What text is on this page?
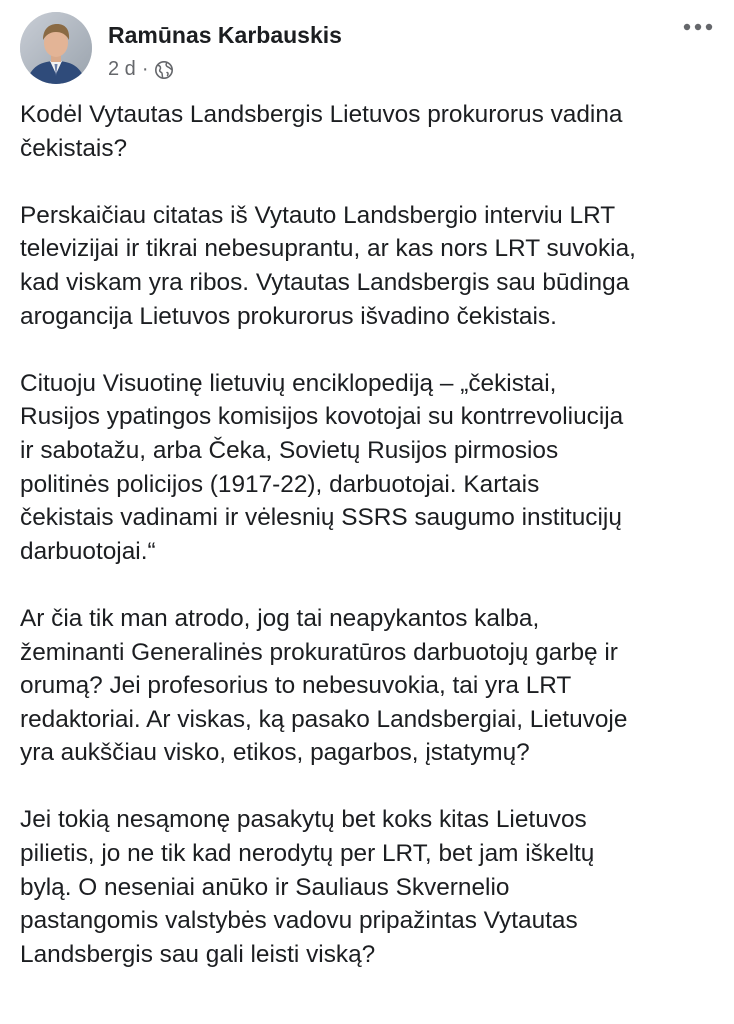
Ramūnas Karbauskis
2 d ·

Kodėl Vytautas Landsbergis Lietuvos prokurorus vadina
čekistais?

Perskaičiau citatas iš Vytauto Landsbergio interviu LRT
televizijai ir tikrai nebesuprantu, ar kas nors LRT suvokia,
kad viskam yra ribos. Vytautas Landsbergis sau būdinga
arogancija Lietuvos prokurorus išvadino čekistais.

Cituoju Visuotinę lietuvių enciklopediją – „čekistai,
Rusijos ypatingos komisijos kovotojai su kontrrevoliucija
ir sabotažu, arba Čeka, Sovietų Rusijos pirmosios
politinės policijos (1917-22), darbuotojai. Kartais
čekistais vadinami ir vėlesnių SSRS saugumo institucijų
darbuotojai.“

Ar čia tik man atrodo, jog tai neapykantos kalba,
žeminanti Generalinės prokuratūros darbuotojų garbę ir
orumą? Jei profesorius to nebesuvokia, tai yra LRT
redaktoriai. Ar viskas, ką pasako Landsbergiai, Lietuvoje
yra aukščiau visko, etikos, pagarbos, įstatymų?

Jei tokią nesąmonę pasakytų bet koks kitas Lietuvos
pilietis, jo ne tik kad nerodytų per LRT, bet jam iškeltų
bylą. O neseniai anūko ir Sauliaus Skvernelio
pastangomis valstybės vadovu pripažintas Vytautas
Landsbergis sau gali leisti viską?
